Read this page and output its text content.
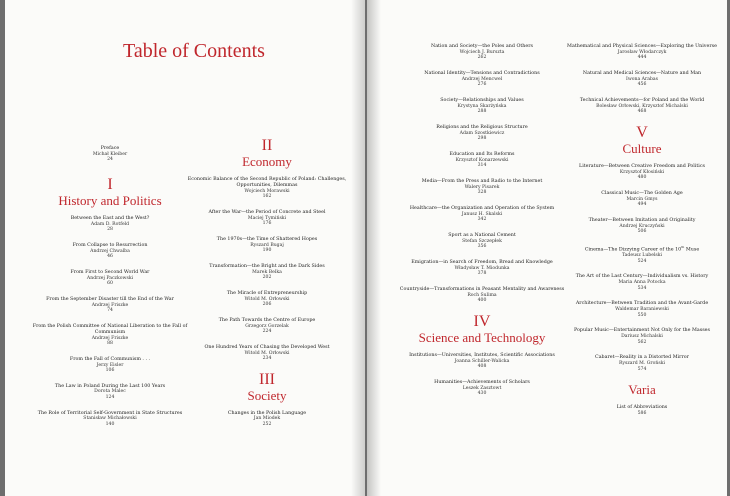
Table of Contents
Preface
Michał Kleiber
24
I
History and Politics
Between the East and the West?
Adam D. Rotfeld
28
From Collapse to Resurrection
Andrzej Chwalba
46
From First to Second World War
Andrzej Paczkowski
60
From the September Disaster till the End of the War
Andrzej Friszke
74
From the Polish Committee of National Liberation to the Fall of Communism
Andrzej Friszke
88
From the Fall of Communism . . .
Jerzy Eisler
106
The Law in Poland During the Last 100 Years
Dorota Malec
124
The Role of Territorial Self-Government in State Structures
Stanisław Michałowski
140
II
Economy
Economic Balance of the Second Republic of Poland: Challenges, Opportunities, Dilemmas
Wojciech Morawski
162
After the War—the Period of Concrete and Steel
Maciej Tymiński
176
The 1970s—the Time of Shattered Hopes
Ryszard Bugaj
190
Transformation—the Bright and the Dark Sides
Marek Belka
202
The Miracle of Entrepreneurship
Witold M. Orłowski
206
The Path Towards the Centre of Europe
Grzegorz Gorzelak
224
One Hundred Years of Chasing the Developed West
Witold M. Orłowski
234
III
Society
Changes in the Polish Language
Jan Miodek
252
Nation and Society—the Poles and Others
Wojciech J. Burszta
262
National Identity—Tensions and Contradictions
Andrzej Mencwel
276
Society—Relationships and Values
Krystyna Skarżyńska
288
Religions and the Religious Structure
Adam Szostkiewicz
298
Education and Its Reforms
Krzysztof Konarzewski
314
Media—From the Press and Radio to the Internet
Walery Pisarek
328
Healthcare—the Organization and Operation of the System
Janusz H. Skalski
342
Sport as a National Cement
Stefan Szczepłek
356
Emigration—in Search of Freedom, Bread and Knowledge
Władysław T. Miodunka
378
Countryside—Transformations in Peasant Mentality and Awareness
Roch Sulima
400
IV
Science and Technology
Institutions—Universities, Institutes, Scientific Associations
Joanna Schiller-Walicka
408
Humanities—Achievements of Scholars
Leszek Zasztowt
430
Mathematical and Physical Sciences—Exploring the Universe
Jarosław Włodarczyk
444
Natural and Medical Sciences—Nature and Man
Iwona Arabas
456
Technical Achievements—for Poland and the World
Bolesław Orłowski, Krzysztof Michalski
468
V
Culture
Literature—Between Creative Freedom and Politics
Krzysztof Kłosiński
480
Classical Music—The Golden Age
Marcin Gmys
494
Theater—Between Imitation and Originality
Andrzej Kruczyński
506
Cinema—The Dizzying Career of the 10th Muse
Tadeusz Lubelski
524
The Art of the Last Century—Individualism vs. History
Maria Anna Potocka
534
Architecture—Between Tradition and the Avant-Garde
Waldemar Baraniewski
550
Popular Music—Entertainment Not Only for the Masses
Dariusz Michalski
562
Cabaret—Reality in a Distorted Mirror
Ryszard M. Groński
574
Varia
List of Abbreviations
586
